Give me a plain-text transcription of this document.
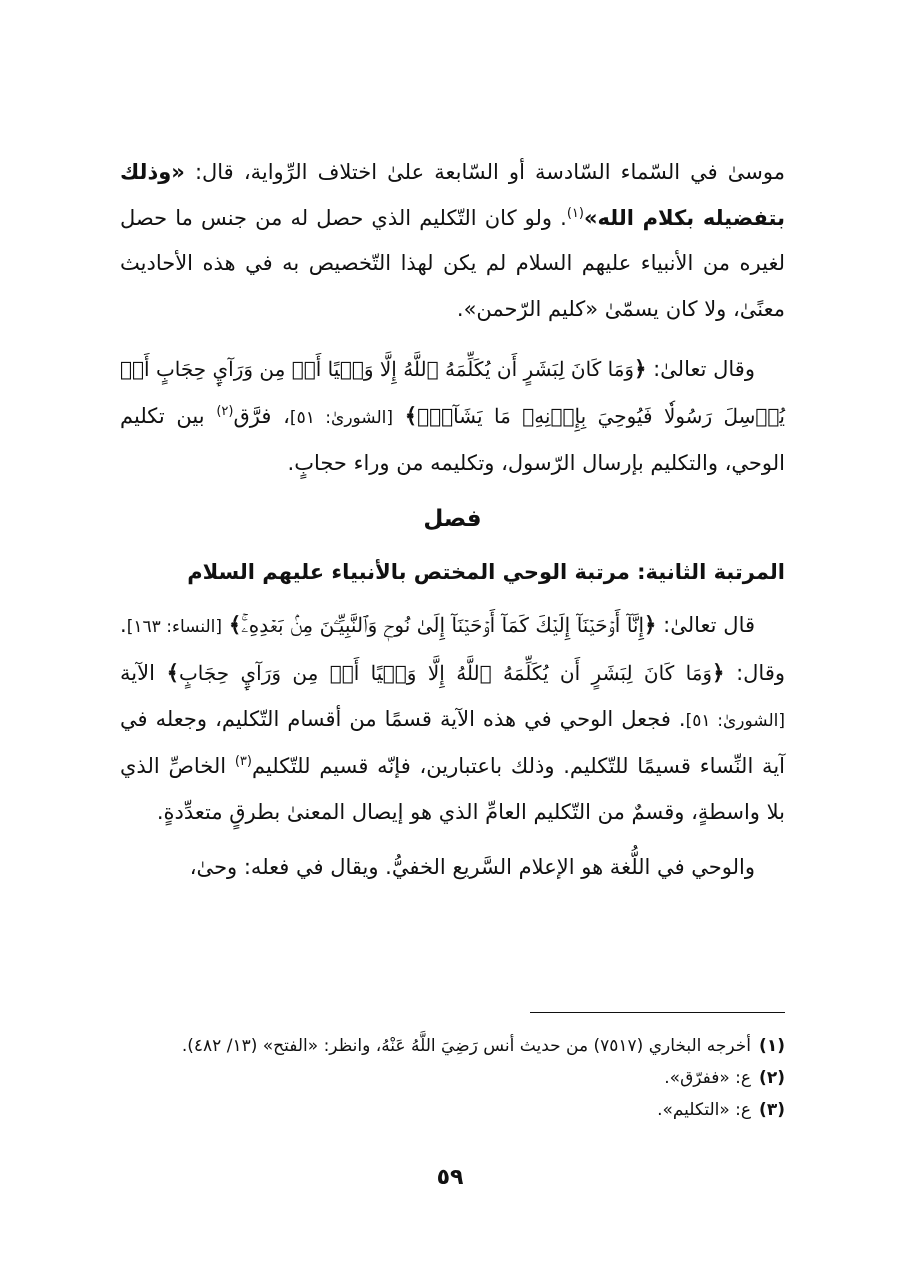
موسىٰ في السّماء السّادسة أو السّابعة علىٰ اختلاف الرِّواية، قال: «وذلك بتفضيله بكلام الله»$^{(١)}$. ولو كان التّكليم الذي حصل له من جنس ما حصل لغيره من الأنبياء عليهم السلام لم يكن لهذا التّخصيص به في هذه الأحاديث معنًىٰ، ولا كان يسمّىٰ «كليم الرّحمن».

وقال تعالىٰ: ﴿وَمَا كَانَ لِبَشَرٍ أَن يُكَلِّمَهُ ٱللَّهُ إِلَّا وَحۡيًا أَوۡ مِن وَرَآيِٕ حِجَابٍ أَوۡ يُرۡسِلَ رَسُولٗا فَيُوحِيَ بِإِذۡنِهِۦ مَا يَشَآءُۚ﴾ [الشورىٰ: ٥١]، فرَّق$^{(٢)}$ بين تكليم الوحي، والتكليم بإرسال الرّسول، وتكليمه من وراء حجابٍ.

فصل

المرتبة الثانية: مرتبة الوحي المختص بالأنبياء عليهم السلام

قال تعالىٰ: ﴿إِنَّآ أَوۡحَيۡنَآ إِلَيۡكَ كَمَآ أَوۡحَيۡنَآ إِلَىٰ نُوحٖ وَٱلنَّبِيِّـۧنَ مِنۢ بَعۡدِهِۦۚ﴾ [النساء: ١٦٣]. وقال: ﴿وَمَا كَانَ لِبَشَرٍ أَن يُكَلِّمَهُ ٱللَّهُ إِلَّا وَحۡيًا أَوۡ مِن وَرَآيِٕ حِجَابٍ﴾ الآية [الشورىٰ: ٥١]. فجعل الوحي في هذه الآية قسمًا من أقسام التّكليم، وجعله في آية النِّساء قسيمًا للتّكليم. وذلك باعتبارين، فإنّه قسيم للتّكليم$^{(٣)}$ الخاصِّ الذي بلا واسطةٍ، وقسمٌ من التّكليم العامِّ الذي هو إيصال المعنىٰ بطرقٍ متعدِّدةٍ.

والوحي في اللُّغة هو الإعلام السَّريع الخفيُّ. ويقال في فعله: وحىٰ،

(١)أخرجه البخاري (٧٥١٧) من حديث أنس رَضِيَ اللَّهُ عَنْهُ، وانظر: «الفتح» (١٣/ ٤٨٢).
(٢)ع: «ففرّق».
(٣)ع: «التكليم».
٥٩
